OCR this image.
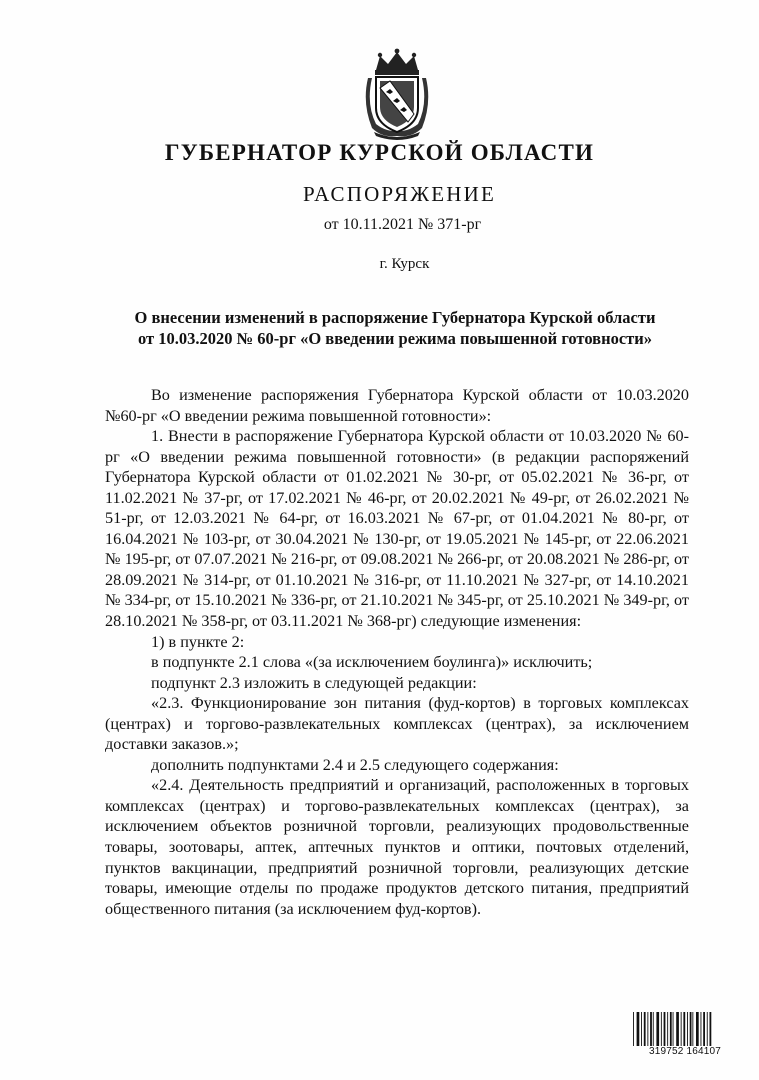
ГУБЕРНАТОР КУРСКОЙ ОБЛАСТИ
РАСПОРЯЖЕНИЕ
от 10.11.2021 № 371-рг
г. Курск
О внесении изменений в распоряжение Губернатора Курской области
от 10.03.2020 № 60-рг «О введении режима повышенной готовности»

Во изменение распоряжения Губернатора Курской области от 10.03.2020 №60-рг «О введении режима повышенной готовности»:

1. Внести в распоряжение Губернатора Курской области от 10.03.2020 № 60-рг «О введении режима повышенной готовности» (в редакции распоряжений Губернатора Курской области от 01.02.2021 № 30-рг, от 05.02.2021 № 36-рг, от 11.02.2021 № 37-рг, от 17.02.2021 № 46-рг, от 20.02.2021 № 49-рг, от 26.02.2021 № 51-рг, от 12.03.2021 № 64-рг, от 16.03.2021 № 67-рг, от 01.04.2021 № 80-рг, от 16.04.2021 № 103-рг, от 30.04.2021 № 130-рг, от 19.05.2021 № 145-рг, от 22.06.2021 № 195-рг, от 07.07.2021 № 216-рг, от 09.08.2021 № 266-рг, от 20.08.2021 № 286-рг, от 28.09.2021 № 314-рг, от 01.10.2021 № 316-рг, от 11.10.2021 № 327-рг, от 14.10.2021 № 334-рг, от 15.10.2021 № 336-рг, от 21.10.2021 № 345-рг, от 25.10.2021 № 349-рг, от 28.10.2021 № 358-рг, от 03.11.2021 № 368-рг) следующие изменения:

1) в пункте 2:

в подпункте 2.1 слова «(за исключением боулинга)» исключить;

подпункт 2.3 изложить в следующей редакции:

«2.3. Функционирование зон питания (фуд-кортов) в торговых комплексах (центрах) и торгово-развлекательных комплексах (центрах), за исключением доставки заказов.»;

дополнить подпунктами 2.4 и 2.5 следующего содержания:

«2.4. Деятельность предприятий и организаций, расположенных в торговых комплексах (центрах) и торгово-развлекательных комплексах (центрах), за исключением объектов розничной торговли, реализующих продовольственные товары, зоотовары, аптек, аптечных пунктов и оптики, почтовых отделений, пунктов вакцинации, предприятий розничной торговли, реализующих детские товары, имеющие отделы по продаже продуктов детского питания, предприятий общественного питания (за исключением фуд-кортов).

319752 164107
